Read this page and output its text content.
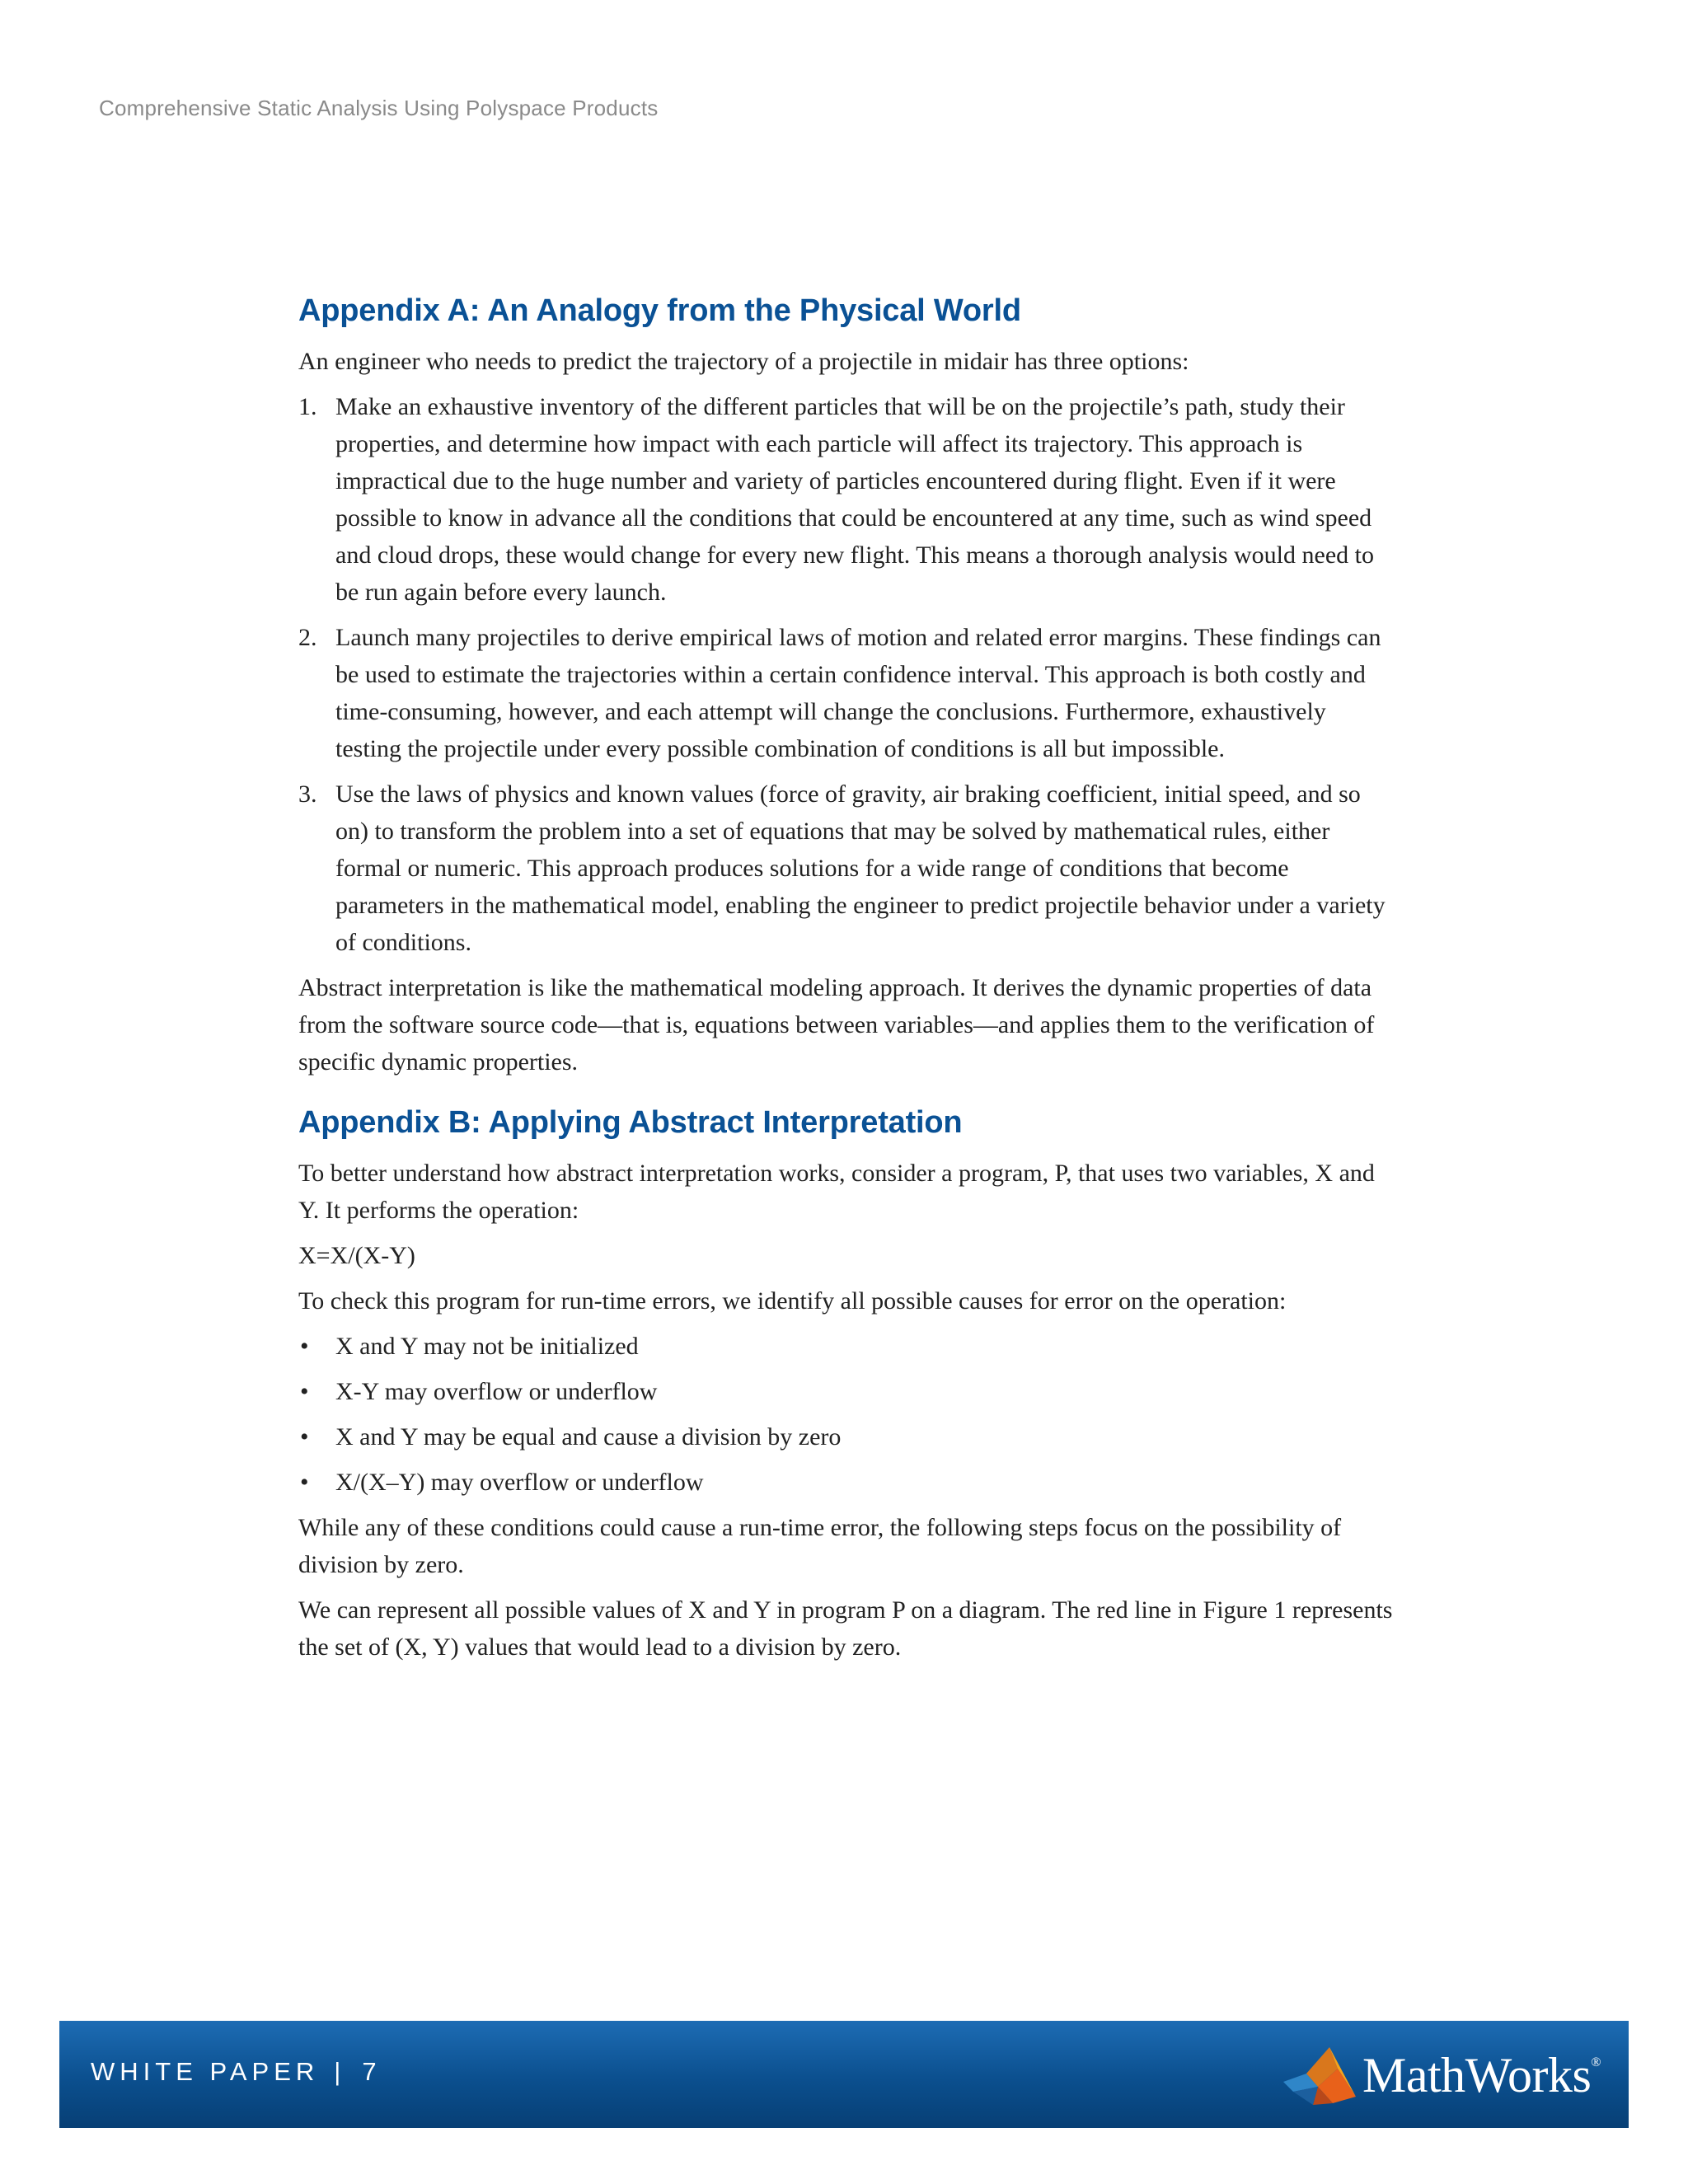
Comprehensive Static Analysis Using Polyspace Products
Appendix A: An Analogy from the Physical World

An engineer who needs to predict the trajectory of a projectile in midair has three options:

1. Make an exhaustive inventory of the different particles that will be on the projectile’s path, study their properties, and determine how impact with each particle will affect its trajectory. This approach is impractical due to the huge number and variety of particles encountered during flight. Even if it were possible to know in advance all the conditions that could be encountered at any time, such as wind speed and cloud drops, these would change for every new flight. This means a thorough analysis would need to be run again before every launch.
2. Launch many projectiles to derive empirical laws of motion and related error margins. These findings can be used to estimate the trajectories within a certain confidence interval. This approach is both costly and time-consuming, however, and each attempt will change the conclusions. Furthermore, exhaustively testing the projectile under every possible combination of conditions is all but impossible.
3. Use the laws of physics and known values (force of gravity, air braking coefficient, initial speed, and so on) to transform the problem into a set of equations that may be solved by mathematical rules, either formal or numeric. This approach produces solutions for a wide range of conditions that become parameters in the mathematical model, enabling the engineer to predict projectile behavior under a variety of conditions.

Abstract interpretation is like the mathematical modeling approach. It derives the dynamic properties of data from the software source code—that is, equations between variables—and applies them to the verification of specific dynamic properties.

Appendix B: Applying Abstract Interpretation

To better understand how abstract interpretation works, consider a program, P, that uses two variables, X and Y. It performs the operation:

X=X/(X-Y)

To check this program for run-time errors, we identify all possible causes for error on the operation:

• X and Y may not be initialized
• X-Y may overflow or underflow
• X and Y may be equal and cause a division by zero
• X/(X–Y) may overflow or underflow

While any of these conditions could cause a run-time error, the following steps focus on the possibility of division by zero.

We can represent all possible values of X and Y in program P on a diagram. The red line in Figure 1 represents the set of (X, Y) values that would lead to a division by zero.

WHITE PAPER | 7	MathWorks®
